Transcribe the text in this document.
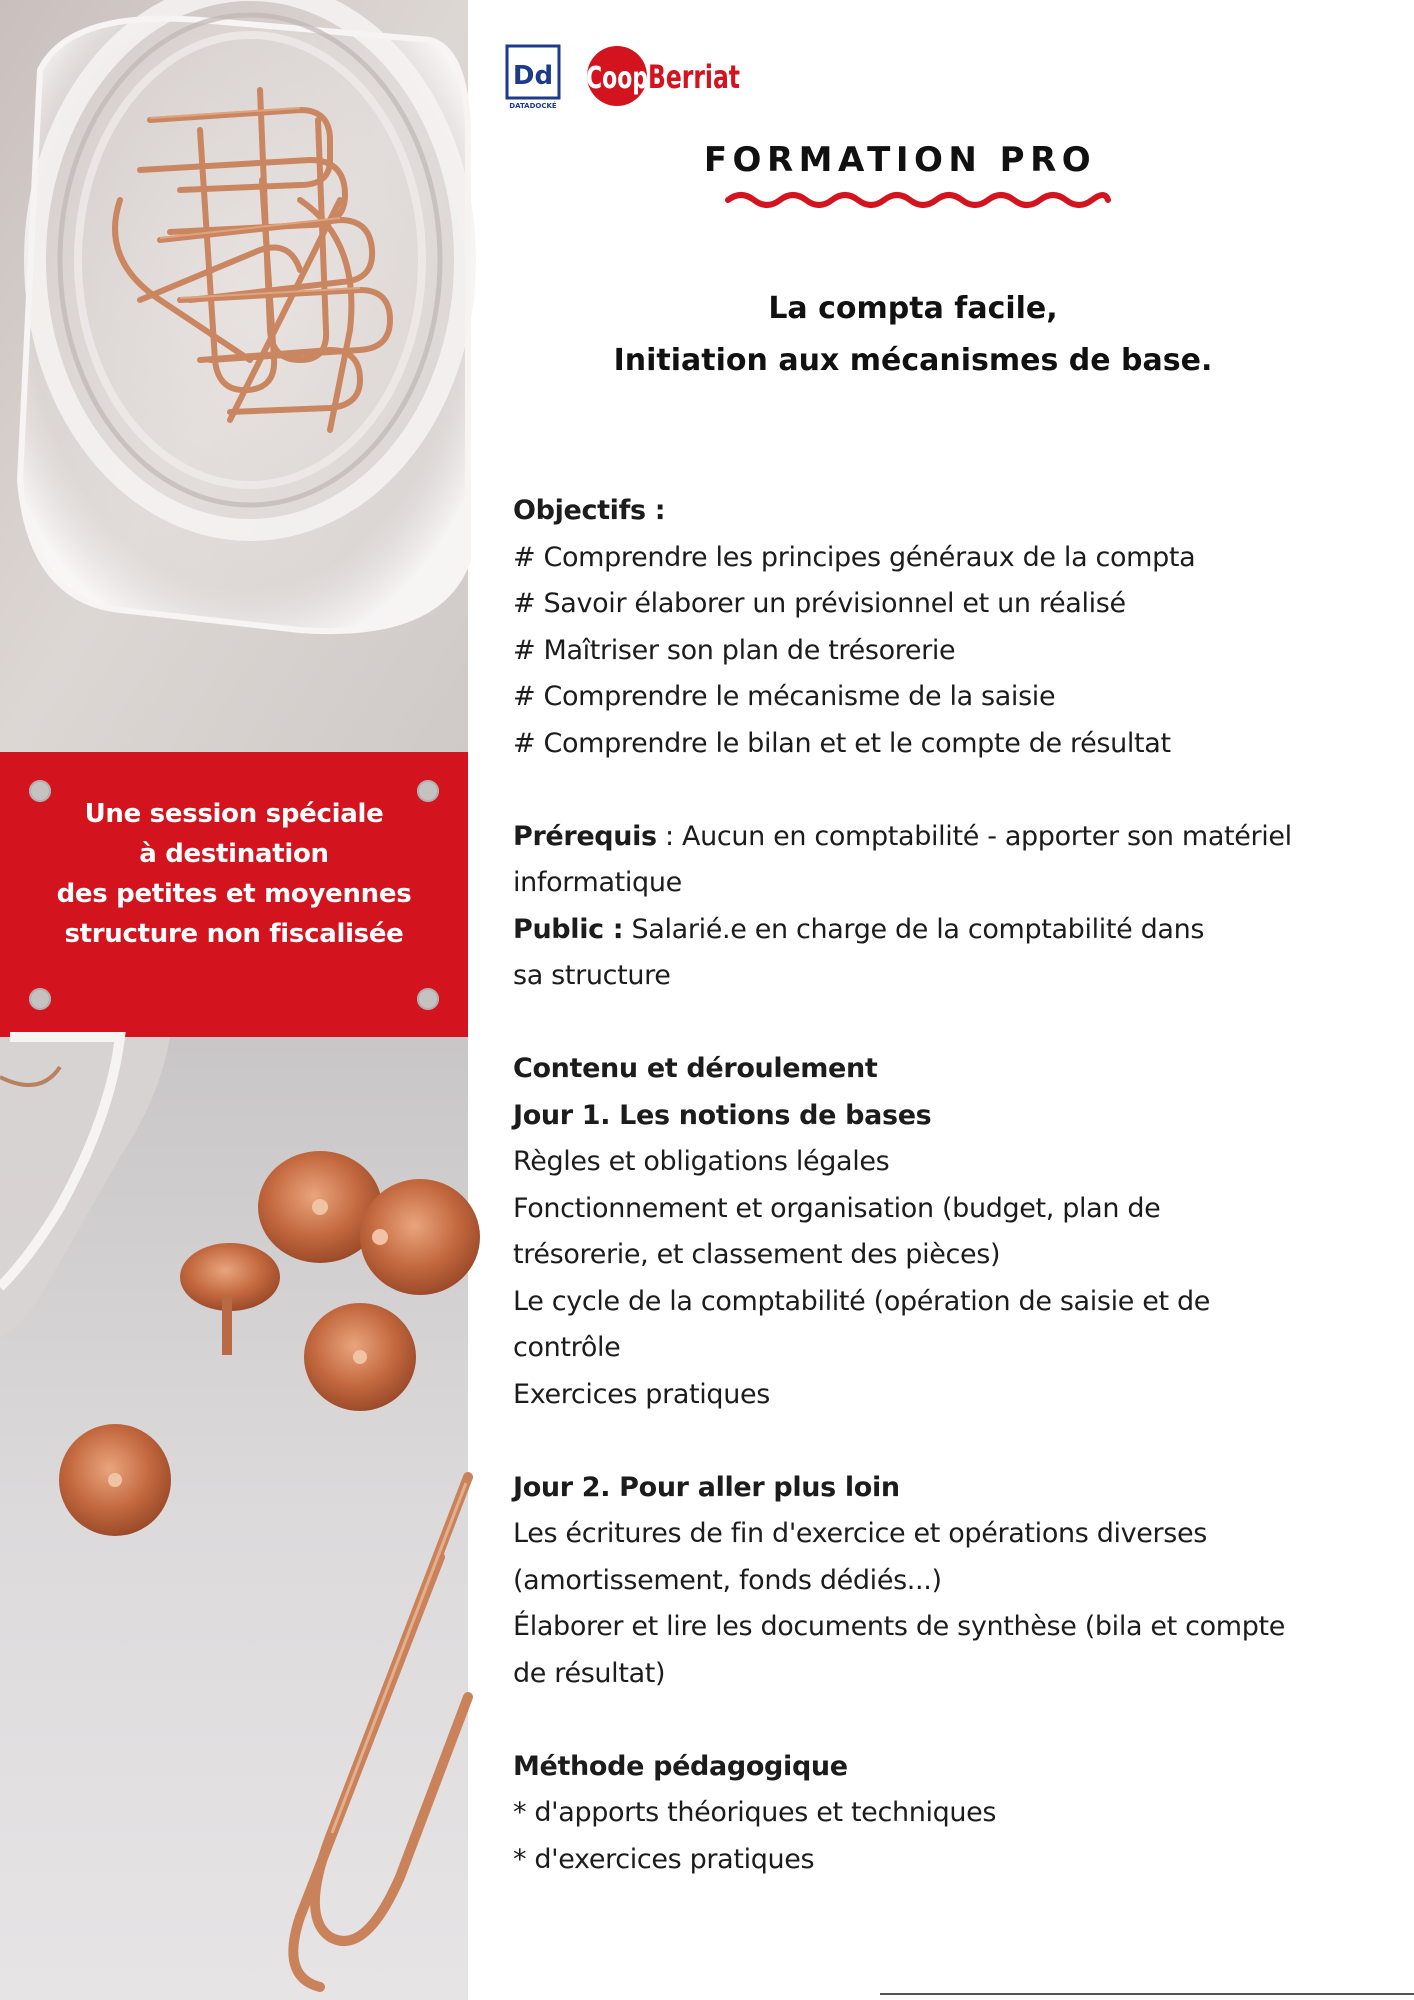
Une session spéciale
à destination
des petites et moyennes
structure non fiscalisée
Dd
DATADOCKÉ
Coop Berriat
FORMATION PRO
La compta facile,
Initiation aux mécanismes de base.
Objectifs :
# Comprendre les principes généraux de la compta
# Savoir élaborer un prévisionnel et un réalisé
# Maîtriser son plan de trésorerie
# Comprendre le mécanisme de la saisie
# Comprendre le bilan et et le compte de résultat
Prérequis : Aucun en comptabilité - apporter son matériel
informatique
Public : Salarié.e en charge de la comptabilité dans
sa structure
Contenu et déroulement
Jour 1. Les notions de bases
Règles et obligations légales
Fonctionnement et organisation (budget, plan de
trésorerie, et classement des pièces)
Le cycle de la comptabilité (opération de saisie et de
contrôle
Exercices pratiques
Jour 2. Pour aller plus loin
Les écritures de fin d'exercice et opérations diverses
(amortissement, fonds dédiés...)
Élaborer et lire les documents de synthèse (bila et compte
de résultat)
Méthode pédagogique
* d'apports théoriques et techniques
* d'exercices pratiques
